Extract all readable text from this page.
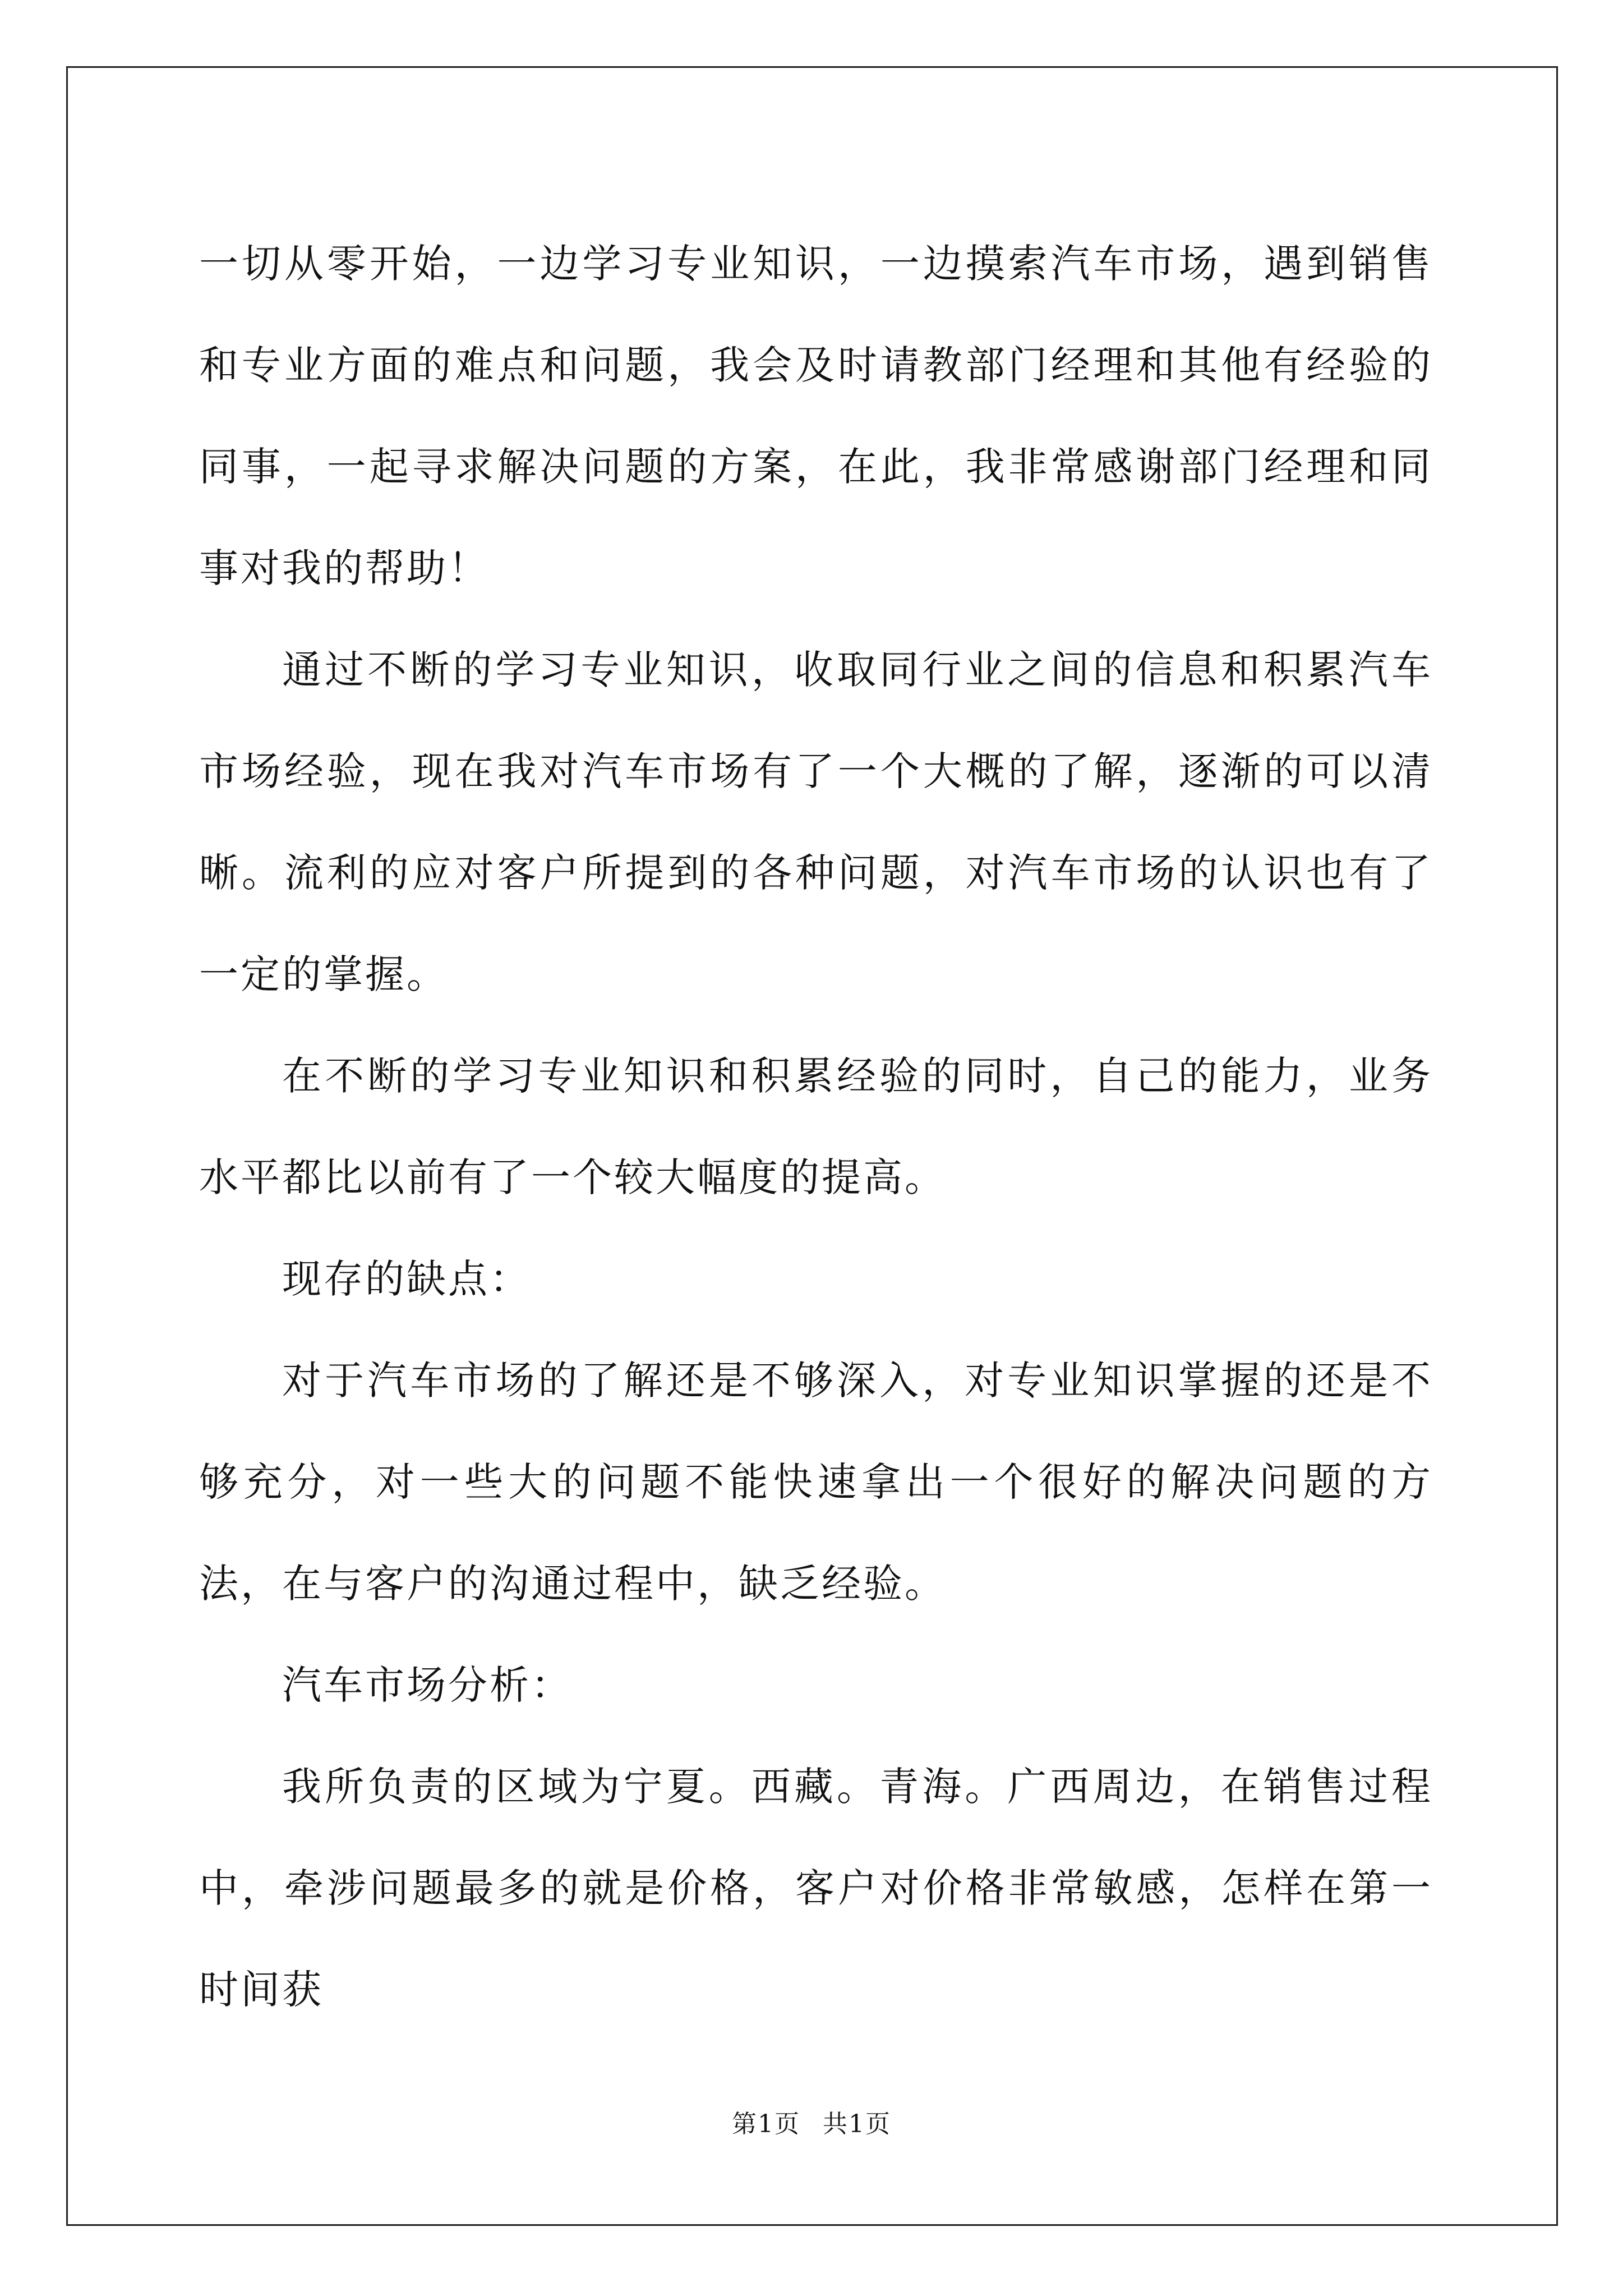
一切从零开始，一边学习专业知识，一边摸索汽车市场，遇到销售和专业方面的难点和问题，我会及时请教部门经理和其他有经验的同事，一起寻求解决问题的方案，在此，我非常感谢部门经理和同事对我的帮助！

通过不断的学习专业知识，收取同行业之间的信息和积累汽车市场经验，现在我对汽车市场有了一个大概的了解，逐渐的可以清晰。流利的应对客户所提到的各种问题，对汽车市场的认识也有了一定的掌握。

在不断的学习专业知识和积累经验的同时，自己的能力，业务水平都比以前有了一个较大幅度的提高。

现存的缺点：

对于汽车市场的了解还是不够深入，对专业知识掌握的还是不够充分，对一些大的问题不能快速拿出一个很好的解决问题的方法，在与客户的沟通过程中，缺乏经验。

汽车市场分析：

我所负责的区域为宁夏。西藏。青海。广西周边，在销售过程中，牵涉问题最多的就是价格，客户对价格非常敏感，怎样在第一时间获

第1页 共1页
